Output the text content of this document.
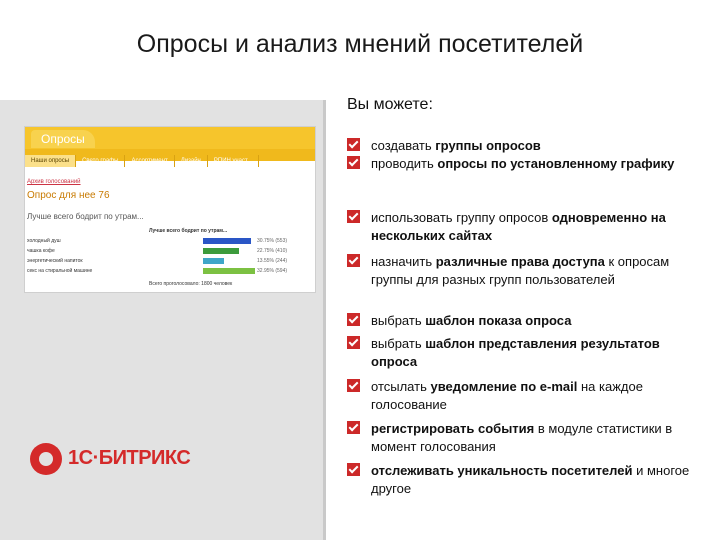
Опросы и анализ мнений посетителей
Опросы
Наши опросы Свето графы Ассортимент Дизайн РПИН участ...
Архив голосований
Опрос для нее 76
Лучше всего бодрит по утрам...
Лучше всего бодрит по утрам...
холодный душ	30.75% (553)
чашка кофе	22.75% (410)
энергетический напиток	13.55% (244)
секс на стиральной машине	32.95% (594)
Всего проголосовало: 1800 человек
1С·БИТРИКС
Вы можете:
создавать группы опросов
проводить опросы по установленному графику
использовать группу опросов одновременно на нескольких сайтах
назначить различные права доступа к опросам группы для разных групп пользователей
выбрать шаблон показа опроса
выбрать шаблон представления результатов опроса
отсылать уведомление по e-mail на каждое голосование
регистрировать события в модуле статистики в момент голосования
отслеживать уникальность посетителей и многое другое
